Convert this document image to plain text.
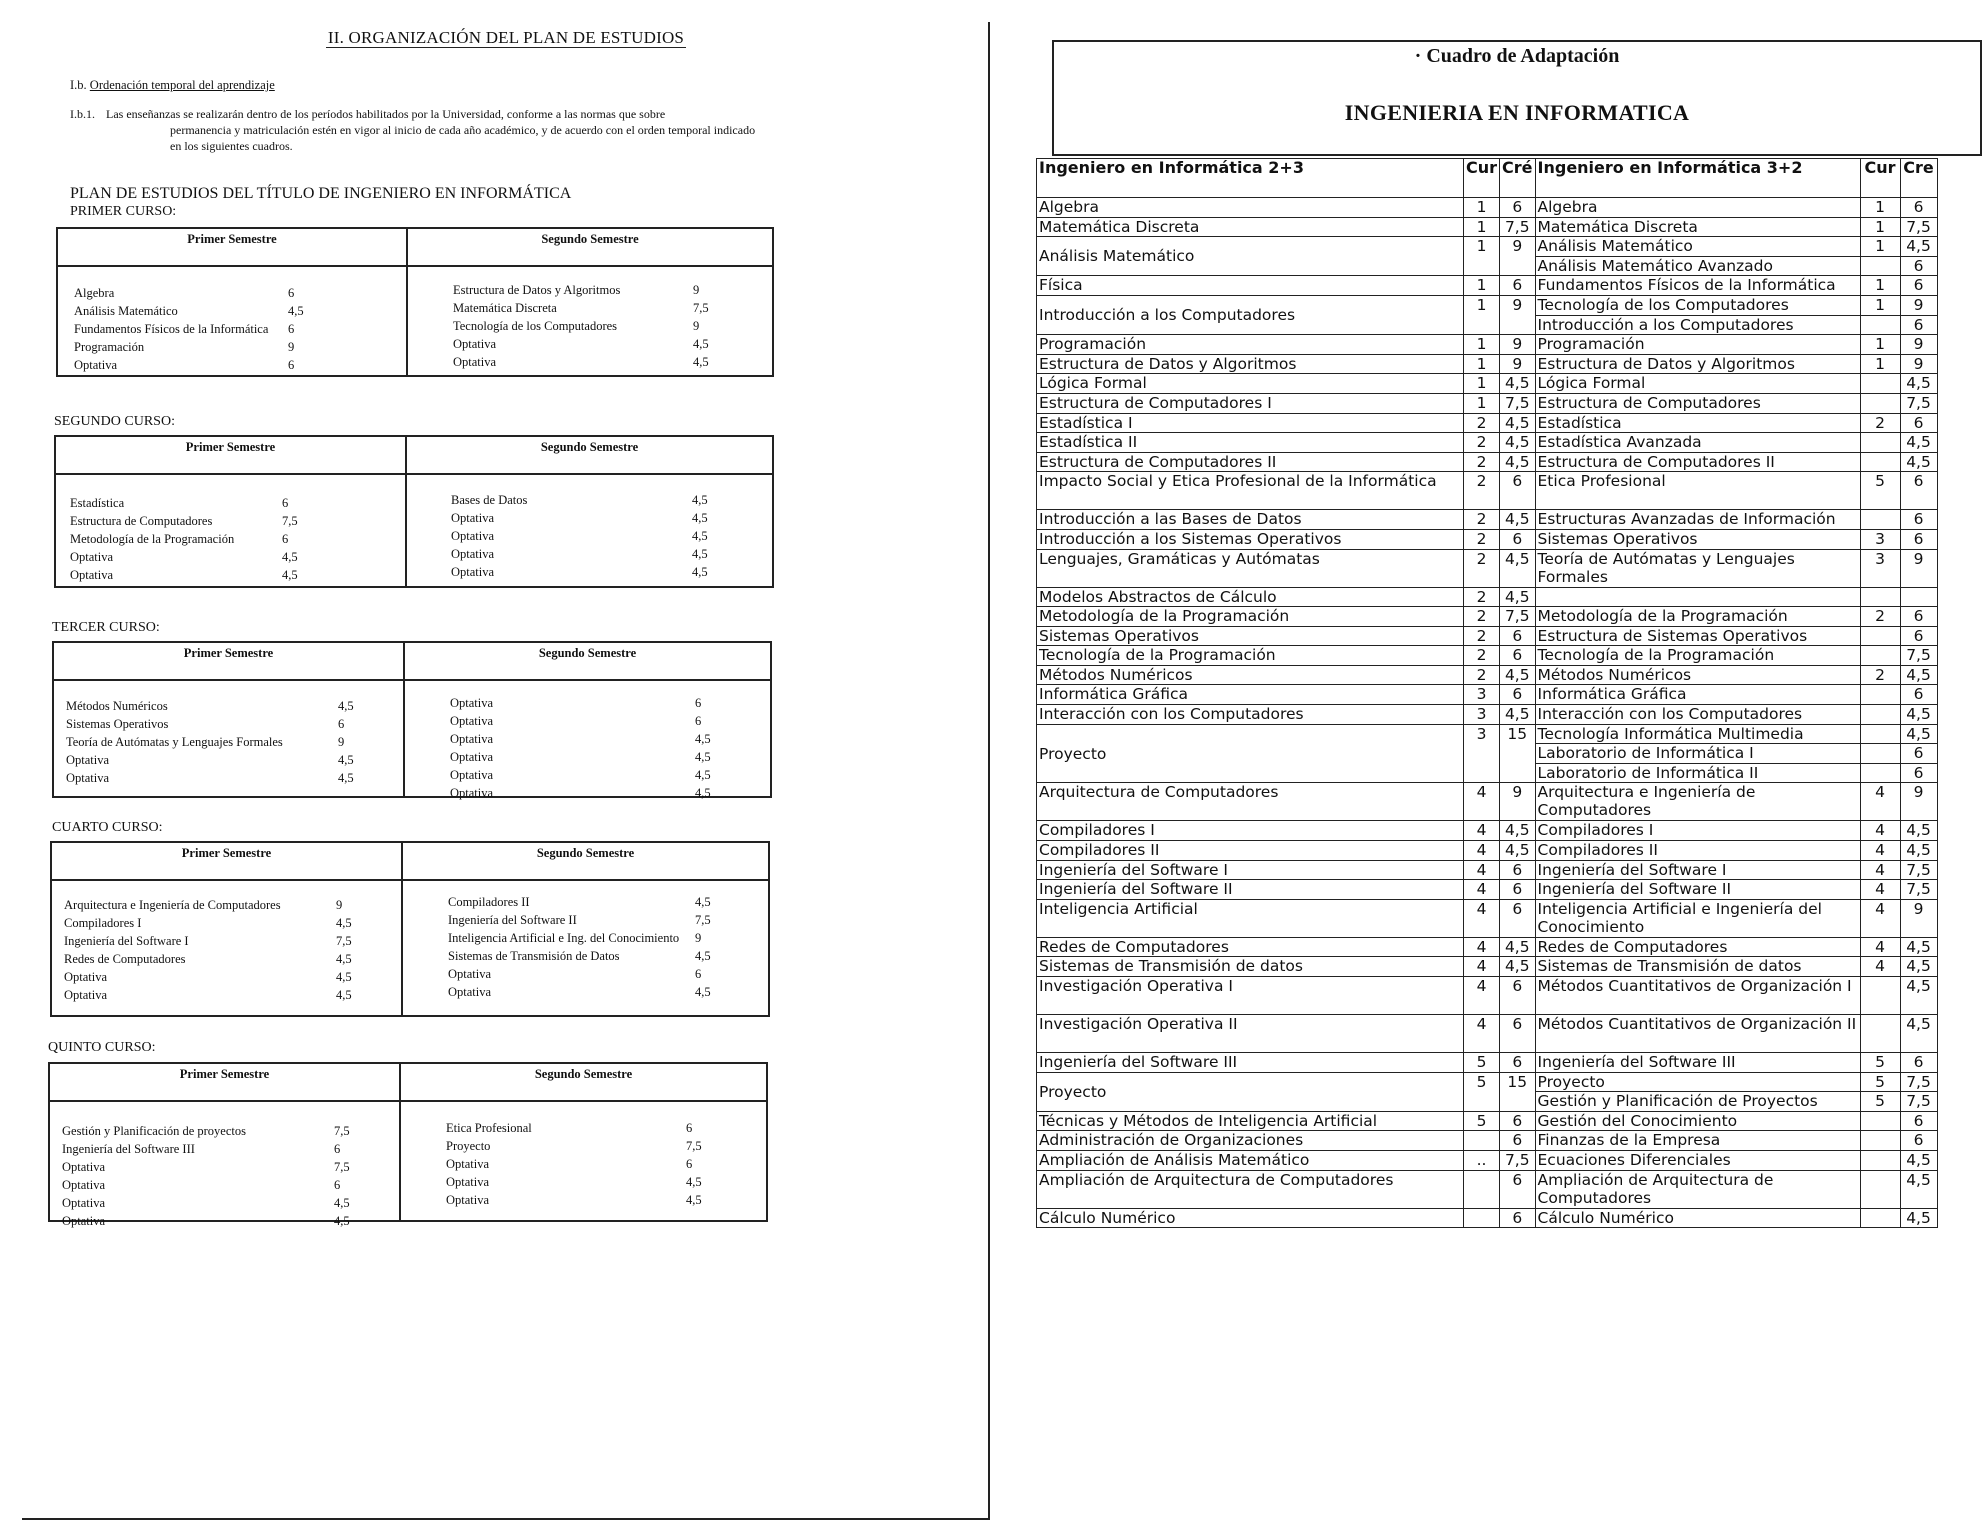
II. ORGANIZACIÓN DEL PLAN DE ESTUDIOS
I.b. Ordenación temporal del aprendizaje
I.b.1. Las enseñanzas se realizarán dentro de los períodos habilitados por la Universidad, conforme a las normas que sobre
permanencia y matriculación estén en vigor al inicio de cada año académico, y de acuerdo con el orden temporal indicado
en los siguientes cuadros.
PLAN DE ESTUDIOS DEL TÍTULO DE INGENIERO EN INFORMÁTICA
PRIMER CURSO:
Primer Semestre
Algebra	6
Análisis Matemático	4,5
Fundamentos Físicos de la Informática 6
Programación	9
Optativa	6
Segundo Semestre
Estructura de Datos y Algoritmos	9
Matemática Discreta	7,5
Tecnología de los Computadores	9
Optativa	4,5
Optativa	4,5
SEGUNDO CURSO:
Primer Semestre
Estadística	6
Estructura de Computadores	7,5
Metodología de la Programación	6
Optativa	4,5
Optativa	4,5
Segundo Semestre
Bases de Datos	4,5
Optativa	4,5
Optativa	4,5
Optativa	4,5
Optativa	4,5
TERCER CURSO:
Primer Semestre
Métodos Numéricos	4,5
Sistemas Operativos	6
Teoría de Autómatas y Lenguajes Formales	9
Optativa	4,5
Optativa	4,5
Segundo Semestre
Optativa	6
Optativa	6
Optativa	4,5
Optativa	4,5
Optativa	4,5
Optativa	4,5
CUARTO CURSO:
Primer Semestre
Arquitectura e Ingeniería de Computadores	9
Compiladores I	4,5
Ingeniería del Software I	7,5
Redes de Computadores	4,5
Optativa	4,5
Optativa	4,5
Segundo Semestre
Compiladores II	4,5
Ingeniería del Software II	7,5
Inteligencia Artificial e Ing. del Conocimiento 9
Sistemas de Transmisión de Datos	4,5
Optativa	6
Optativa	4,5
QUINTO CURSO:
Primer Semestre
Gestión y Planificación de proyectos	7,5
Ingeniería del Software III	6
Optativa	7,5
Optativa	6
Optativa	4,5
Optativa	4,5
Segundo Semestre
Etica Profesional	6
Proyecto	7,5
Optativa	6
Optativa	4,5
Optativa	4,5
· Cuadro de Adaptación
INGENIERIA EN INFORMATICA
Ingeniero en Informática 2+3	Cur	Cré	Ingeniero en Informática 3+2	Cur	Cre
Algebra	1	6	Algebra	1	6
Matemática Discreta	1	7,5	Matemática Discreta	1	7,5
Análisis Matemático	1	9	Análisis Matemático	1	4,5
			Análisis Matemático Avanzado		6
Física	1	6	Fundamentos Físicos de la Informática	1	6
Introducción a los Computadores	1	9	Tecnología de los Computadores	1	9
			Introducción a los Computadores		6
Programación	1	9	Programación	1	9
Estructura de Datos y Algoritmos	1	9	Estructura de Datos y Algoritmos	1	9
Lógica Formal	1	4,5	Lógica Formal		4,5
Estructura de Computadores I	1	7,5	Estructura de Computadores		7,5
Estadística I	2	4,5	Estadística	2	6
Estadística II	2	4,5	Estadística Avanzada		4,5
Estructura de Computadores II	2	4,5	Estructura de Computadores II		4,5
Impacto Social y Etica Profesional de la Informática	2	6	Etica Profesional	5	6
Introducción a las Bases de Datos	2	4,5	Estructuras Avanzadas de Información		6
Introducción a los Sistemas Operativos	2	6	Sistemas Operativos	3	6
Lenguajes, Gramáticas y Autómatas	2	4,5	Teoría de Autómatas y Lenguajes Formales	3	9
Modelos Abstractos de Cálculo	2	4,5			
Metodología de la Programación	2	7,5	Metodología de la Programación	2	6
Sistemas Operativos	2	6	Estructura de Sistemas Operativos		6
Tecnología de la Programación	2	6	Tecnología de la Programación		7,5
Métodos Numéricos	2	4,5	Métodos Numéricos	2	4,5
Informática Gráfica	3	6	Informática Gráfica		6
Interacción con los Computadores	3	4,5	Interacción con los Computadores		4,5
Proyecto	3	15	Tecnología Informática Multimedia		4,5
			Laboratorio de Informática I		6
			Laboratorio de Informática II		6
Arquitectura de Computadores	4	9	Arquitectura e Ingeniería de Computadores	4	9
Compiladores I	4	4,5	Compiladores I	4	4,5
Compiladores II	4	4,5	Compiladores II	4	4,5
Ingeniería del Software I	4	6	Ingeniería del Software I	4	7,5
Ingeniería del Software II	4	6	Ingeniería del Software II	4	7,5
Inteligencia Artificial	4	6	Inteligencia Artificial e Ingeniería del Conocimiento	4	9
Redes de Computadores	4	4,5	Redes de Computadores	4	4,5
Sistemas de Transmisión de datos	4	4,5	Sistemas de Transmisión de datos	4	4,5
Investigación Operativa I	4	6	Métodos Cuantitativos de Organización I		4,5
Investigación Operativa II	4	6	Métodos Cuantitativos de Organización II		4,5
Ingeniería del Software III	5	6	Ingeniería del Software III	5	6
Proyecto	5	15	Proyecto	5	7,5
			Gestión y Planificación de Proyectos	5	7,5
Técnicas y Métodos de Inteligencia Artificial	5	6	Gestión del Conocimiento		6
Administración de Organizaciones		6	Finanzas de la Empresa		6
Ampliación de Análisis Matemático	..	7,5	Ecuaciones Diferenciales		4,5
Ampliación de Arquitectura de Computadores		6	Ampliación de Arquitectura de Computadores		4,5
Cálculo Numérico		6	Cálculo Numérico		4,5
